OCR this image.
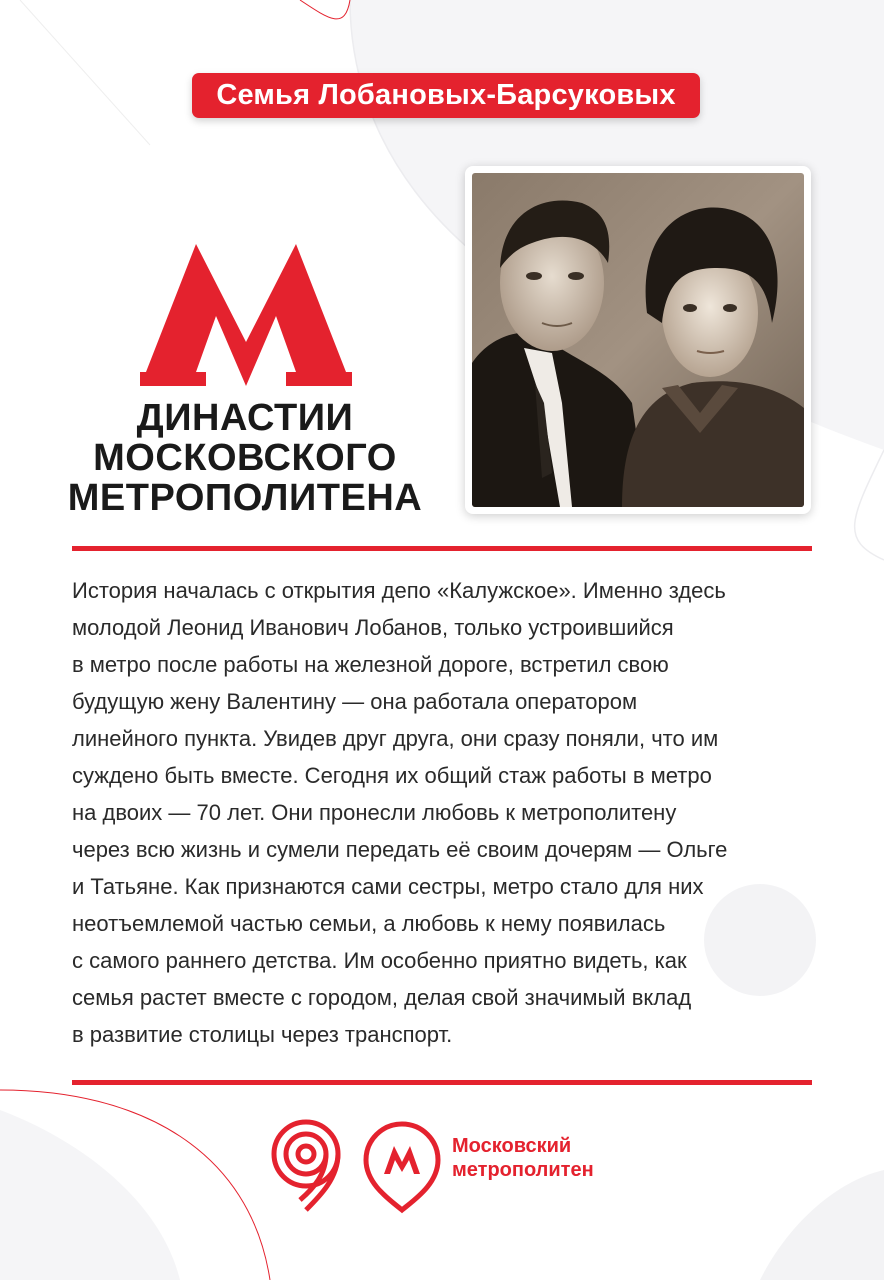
Семья Лобановых-Барсуковых
ДИНАСТИИ
МОСКОВСКОГО
МЕТРОПОЛИТЕНА
История началась с открытия депо «Калужское». Именно здесь
молодой Леонид Иванович Лобанов, только устроившийся
в метро после работы на железной дороге, встретил свою
будущую жену Валентину — она работала оператором
линейного пункта. Увидев друг друга, они сразу поняли, что им
суждено быть вместе. Сегодня их общий стаж работы в метро
на двоих — 70 лет. Они пронесли любовь к метрополитену
через всю жизнь и сумели передать её своим дочерям — Ольге
и Татьяне. Как признаются сами сестры, метро стало для них
неотъемлемой частью семьи, а любовь к нему появилась
с самого раннего детства. Им особенно приятно видеть, как
семья растет вместе с городом, делая свой значимый вклад
в развитие столицы через транспорт.
Московский
метрополитен
